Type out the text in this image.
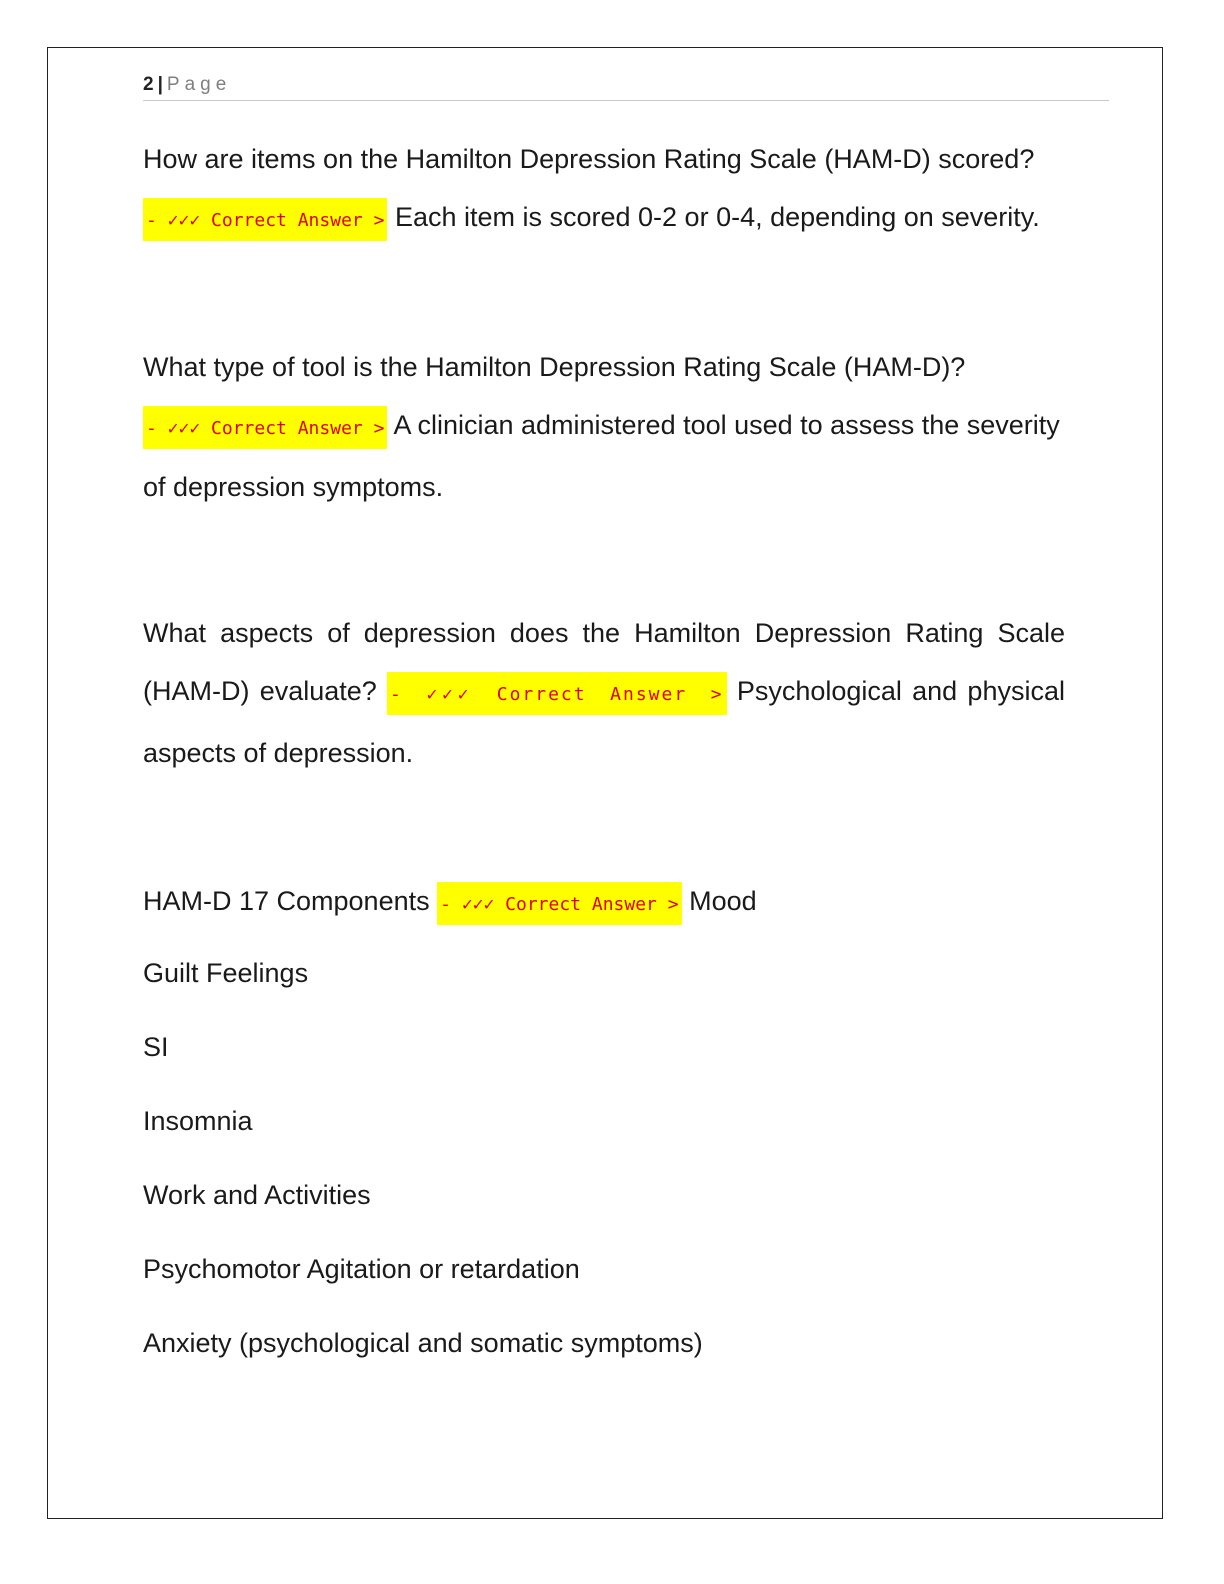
2 | Page

How are items on the Hamilton Depression Rating Scale (HAM-D) scored? - ✓✓✓ Correct Answer > Each item is scored 0-2 or 0-4, depending on severity.

What type of tool is the Hamilton Depression Rating Scale (HAM-D)? - ✓✓✓ Correct Answer > A clinician administered tool used to assess the severity of depression symptoms.

What aspects of depression does the Hamilton Depression Rating Scale (HAM-D) evaluate? - ✓✓✓ Correct Answer > Psychological and physical aspects of depression.

HAM-D 17 Components - ✓✓✓ Correct Answer > Mood

Guilt Feelings

SI

Insomnia

Work and Activities

Psychomotor Agitation or retardation

Anxiety (psychological and somatic symptoms)
